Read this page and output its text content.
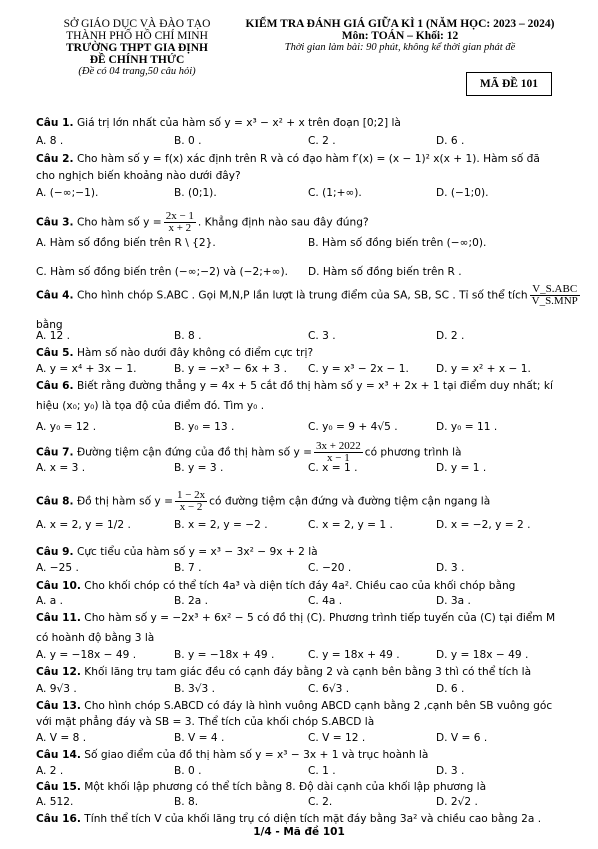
SỞ GIÁO DỤC VÀ ĐÀO TẠO
THÀNH PHỐ HỒ CHÍ MINH
TRƯỜNG THPT GIA ĐỊNH
ĐỀ CHÍNH THỨC
(Đề có 04 trang,50 câu hỏi)
KIỂM TRA ĐÁNH GIÁ GIỮA KÌ 1 (NĂM HỌC: 2023 – 2024)
Môn: TOÁN – Khối: 12
Thời gian làm bài: 90 phút, không kể thời gian phát đề
MÃ ĐỀ 101
Câu 1. Giá trị lớn nhất của hàm số y = x³ − x² + x trên đoạn [0;2] là
A. 8 .	B. 0 .	C. 2 .	D. 6 .
Câu 2. Cho hàm số y = f(x) xác định trên R và có đạo hàm f′(x) = (x − 1)² x(x + 1). Hàm số đã
cho nghịch biến khoảng nào dưới đây?
A. (−∞;−1).	B. (0;1).	C. (1;+∞).	D. (−1;0).
Câu 3. Cho hàm số $y = \frac{2x - 1}{x + 2}$ . Khẳng định nào sau đây đúng?
A. Hàm số đồng biến trên R \ {2}.	B. Hàm số đồng biến trên (−∞;0).
C. Hàm số đồng biến trên (−∞;−2) và (−2;+∞). D. Hàm số đồng biến trên R .
Câu 4. Cho hình chóp S.ABC . Gọi M,N,P lần lượt là trung điểm của SA, SB, SC . Tỉ số thể tích $\frac{\text{V\_S.ABC}}{\text{V\_S.MNP}}$
bằng
A. 12 .	B. 8 .	C. 3 .	D. 2 .
Câu 5. Hàm số nào dưới đây không có điểm cực trị?
A. y = x⁴ + 3x − 1.	B. y = −x³ − 6x + 3 . C. y = x³ − 2x − 1.	D. y = x² + x − 1.
Câu 6. Biết rằng đường thẳng y = 4x + 5 cắt đồ thị hàm số y = x³ + 2x + 1 tại điểm duy nhất; kí
hiệu (x₀; y₀) là tọa độ của điểm đó. Tìm y₀ .
A. y₀ = 12 .	B. y₀ = 13 .	C. y₀ = 9 + 4√5 .	D. y₀ = 11 .
Câu 7. Đường tiệm cận đứng của đồ thị hàm số $y = \frac{3x + 2022}{x - 1}$ có phương trình là
A. x = 3 .	B. y = 3 .	C. x = 1 .	D. y = 1 .
Câu 8. Đồ thị hàm số $y = \frac{1 - 2x}{x - 2}$ có đường tiệm cận đứng và đường tiệm cận ngang là
A. x = 2, y = 1/2 .	B. x = 2, y = −2 .	C. x = 2, y = 1 .	D. x = −2, y = 2 .
Câu 9. Cực tiểu của hàm số y = x³ − 3x² − 9x + 2 là
A. −25 .	B. 7 .	C. −20 .	D. 3 .
Câu 10. Cho khối chóp có thể tích 4a³ và diện tích đáy 4a². Chiều cao của khối chóp bằng
A. a .	B. 2a .	C. 4a .	D. 3a .
Câu 11. Cho hàm số y = −2x³ + 6x² − 5 có đồ thị (C). Phương trình tiếp tuyến của (C) tại điểm M
có hoành độ bằng 3 là
A. y = −18x − 49 .	B. y = −18x + 49 .	C. y = 18x + 49 .	D. y = 18x − 49 .
Câu 12. Khối lăng trụ tam giác đều có cạnh đáy bằng 2 và cạnh bên bằng 3 thì có thể tích là
A. 9√3 .	B. 3√3 .	C. 6√3 .	D. 6 .
Câu 13. Cho hình chóp S.ABCD có đáy là hình vuông ABCD cạnh bằng 2 ,cạnh bên SB vuông góc
với mặt phẳng đáy và SB = 3. Thể tích của khối chóp S.ABCD là
A. V = 8 .	B. V = 4 .	C. V = 12 .	D. V = 6 .
Câu 14. Số giao điểm của đồ thị hàm số y = x³ − 3x + 1 và trục hoành là
A. 2 .	B. 0 .	C. 1 .	D. 3 .
Câu 15. Một khối lập phương có thể tích bằng 8. Độ dài cạnh của khối lập phương là
A. 512.	B. 8.	C. 2.	D. 2√2 .
Câu 16. Tính thể tích V của khối lăng trụ có diện tích mặt đáy bằng 3a² và chiều cao bằng 2a .
1/4 - Mã đề 101
